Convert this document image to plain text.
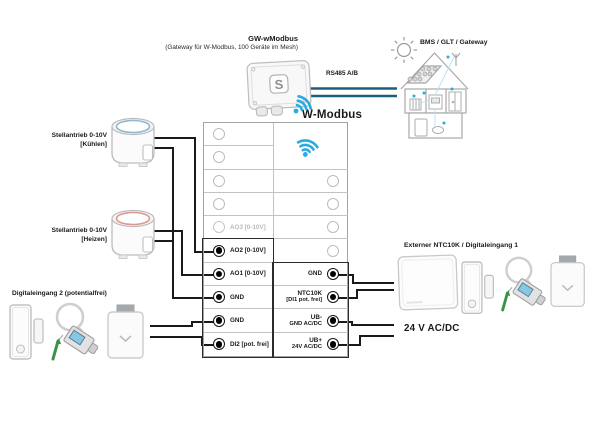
S
GW-wModbus
(Gateway für W-Modbus, 100 Geräte im Mesh)
RS485 A/B
BMS / GLT / Gateway
W-Modbus
Stellantrieb 0-10V
[Kühlen]
Stellantrieb 0-10V
[Heizen]
Digitaleingang 2 (potentialfrei)
Externer NTC10K / Digitaleingang 1
24 V AC/DC
AO3 [0-10V]
AO2 [0-10V]
AO1 [0-10V]
GND
GND
DI2 [pot. frei]
GND
NTC10K
[DI1 pot. frei]
UB-
GND AC/DC
UB+
24V AC/DC
